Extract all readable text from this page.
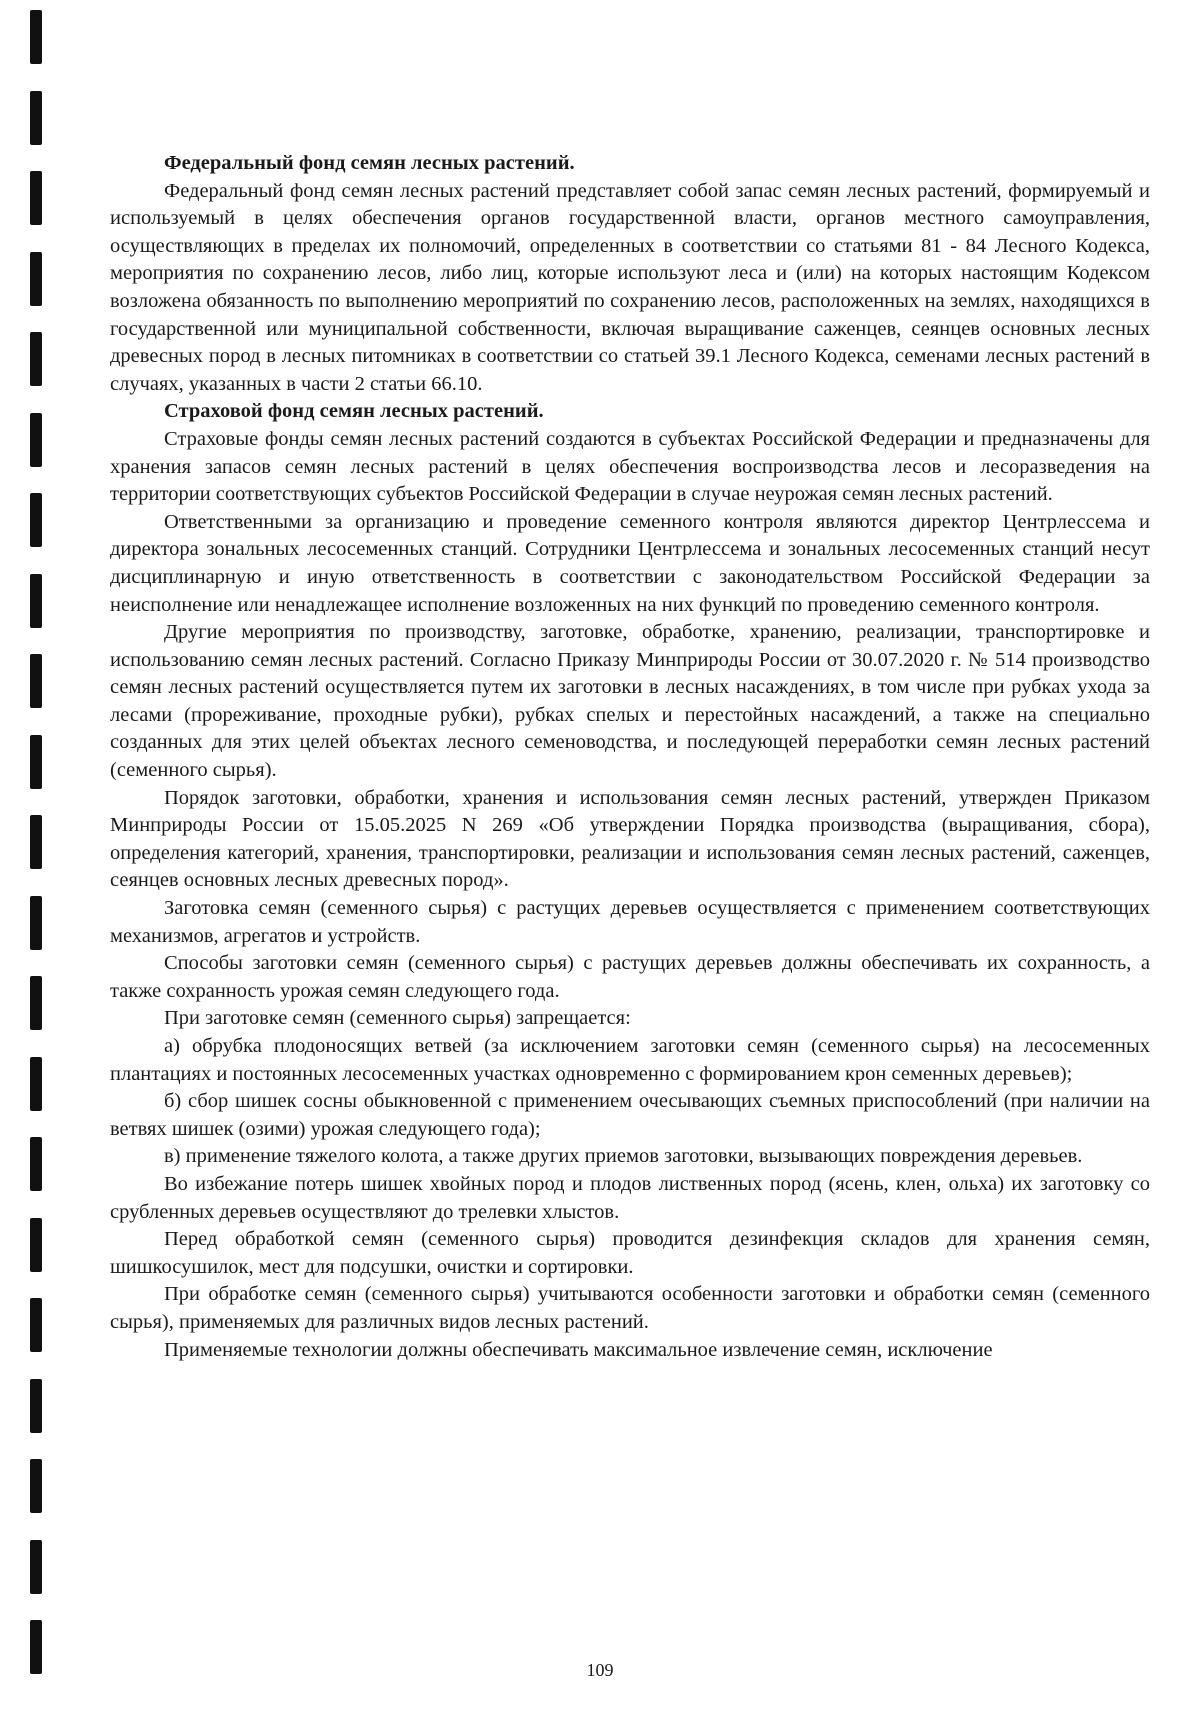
Федеральный фонд семян лесных растений.

Федеральный фонд семян лесных растений представляет собой запас семян лесных растений, формируемый и используемый в целях обеспечения органов государственной власти, органов местного самоуправления, осуществляющих в пределах их полномочий, определенных в соответствии со статьями 81 - 84 Лесного Кодекса, мероприятия по сохранению лесов, либо лиц, которые используют леса и (или) на которых настоящим Кодексом возложена обязанность по выполнению мероприятий по сохранению лесов, расположенных на землях, находящихся в государственной или муниципальной собственности, включая выращивание саженцев, сеянцев основных лесных древесных пород в лесных питомниках в соответствии со статьей 39.1 Лесного Кодекса, семенами лесных растений в случаях, указанных в части 2 статьи 66.10.

Страховой фонд семян лесных растений.

Страховые фонды семян лесных растений создаются в субъектах Российской Федерации и предназначены для хранения запасов семян лесных растений в целях обеспечения воспроизводства лесов и лесоразведения на территории соответствующих субъектов Российской Федерации в случае неурожая семян лесных растений.

Ответственными за организацию и проведение семенного контроля являются директор Центрлессема и директора зональных лесосеменных станций. Сотрудники Центрлессема и зональных лесосеменных станций несут дисциплинарную и иную ответственность в соответствии с законодательством Российской Федерации за неисполнение или ненадлежащее исполнение возложенных на них функций по проведению семенного контроля.

Другие мероприятия по производству, заготовке, обработке, хранению, реализации, транспортировке и использованию семян лесных растений. Согласно Приказу Минприроды России от 30.07.2020 г. № 514 производство семян лесных растений осуществляется путем их заготовки в лесных насаждениях, в том числе при рубках ухода за лесами (прореживание, проходные рубки), рубках спелых и перестойных насаждений, а также на специально созданных для этих целей объектах лесного семеноводства, и последующей переработки семян лесных растений (семенного сырья).

Порядок заготовки, обработки, хранения и использования семян лесных растений, утвержден Приказом Минприроды России от 15.05.2025 N 269 «Об утверждении Порядка производства (выращивания, сбора), определения категорий, хранения, транспортировки, реализации и использования семян лесных растений, саженцев, сеянцев основных лесных древесных пород».

Заготовка семян (семенного сырья) с растущих деревьев осуществляется с применением соответствующих механизмов, агрегатов и устройств.

Способы заготовки семян (семенного сырья) с растущих деревьев должны обеспечивать их сохранность, а также сохранность урожая семян следующего года.

При заготовке семян (семенного сырья) запрещается:

а) обрубка плодоносящих ветвей (за исключением заготовки семян (семенного сырья) на лесосеменных плантациях и постоянных лесосеменных участках одновременно с формированием крон семенных деревьев);

б) сбор шишек сосны обыкновенной с применением очесывающих съемных приспособлений (при наличии на ветвях шишек (озими) урожая следующего года);

в) применение тяжелого колота, а также других приемов заготовки, вызывающих повреждения деревьев.

Во избежание потерь шишек хвойных пород и плодов лиственных пород (ясень, клен, ольха) их заготовку со срубленных деревьев осуществляют до трелевки хлыстов.

Перед обработкой семян (семенного сырья) проводится дезинфекция складов для хранения семян, шишкосушилок, мест для подсушки, очистки и сортировки.

При обработке семян (семенного сырья) учитываются особенности заготовки и обработки семян (семенного сырья), применяемых для различных видов лесных растений.

Применяемые технологии должны обеспечивать максимальное извлечение семян, исключение

109
